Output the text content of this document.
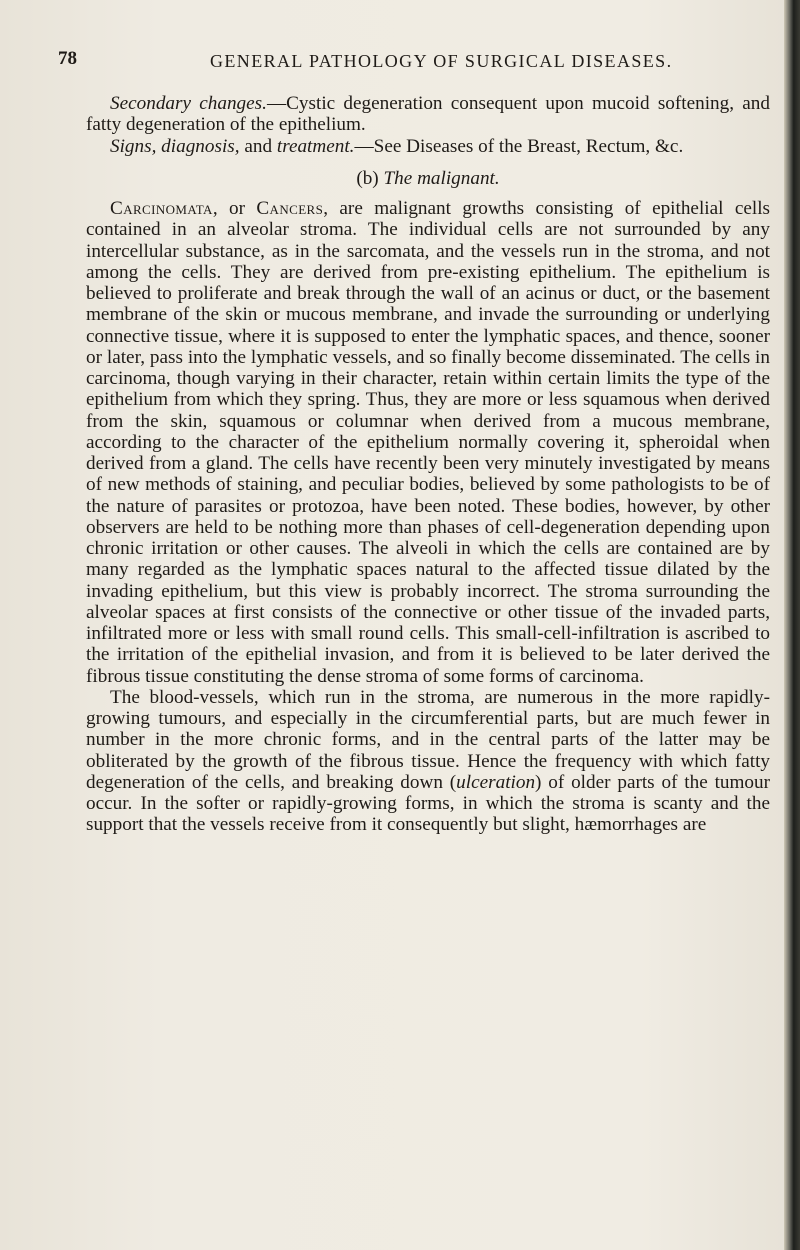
78	GENERAL PATHOLOGY OF SURGICAL DISEASES.

Secondary changes.—Cystic degeneration consequent upon mucoid softening, and fatty degeneration of the epithelium.

Signs, diagnosis, and treatment.—See Diseases of the Breast, Rectum, &c.

(b) The malignant.

Carcinomata, or Cancers, are malignant growths consisting of epithelial cells contained in an alveolar stroma. The individual cells are not surrounded by any intercellular substance, as in the sarcomata, and the vessels run in the stroma, and not among the cells. They are derived from pre-existing epithelium. The epithelium is believed to proliferate and break through the wall of an acinus or duct, or the basement membrane of the skin or mucous membrane, and invade the surrounding or underlying connective tissue, where it is supposed to enter the lymphatic spaces, and thence, sooner or later, pass into the lymphatic vessels, and so finally become disseminated. The cells in carcinoma, though varying in their character, retain within certain limits the type of the epithelium from which they spring. Thus, they are more or less squamous when derived from the skin, squamous or columnar when derived from a mucous membrane, according to the character of the epithelium normally covering it, spheroidal when derived from a gland. The cells have recently been very minutely investigated by means of new methods of staining, and peculiar bodies, believed by some pathologists to be of the nature of parasites or protozoa, have been noted. These bodies, however, by other observers are held to be nothing more than phases of cell-degeneration depending upon chronic irritation or other causes. The alveoli in which the cells are contained are by many regarded as the lymphatic spaces natural to the affected tissue dilated by the invading epithelium, but this view is probably incorrect. The stroma surrounding the alveolar spaces at first consists of the connective or other tissue of the invaded parts, infiltrated more or less with small round cells. This small-cell-infiltration is ascribed to the irritation of the epithelial invasion, and from it is believed to be later derived the fibrous tissue constituting the dense stroma of some forms of carcinoma.

The blood-vessels, which run in the stroma, are numerous in the more rapidly-growing tumours, and especially in the circumferential parts, but are much fewer in number in the more chronic forms, and in the central parts of the latter may be obliterated by the growth of the fibrous tissue. Hence the frequency with which fatty degeneration of the cells, and breaking down (ulceration) of older parts of the tumour occur. In the softer or rapidly-growing forms, in which the stroma is scanty and the support that the vessels receive from it consequently but slight, hæmorrhages are
